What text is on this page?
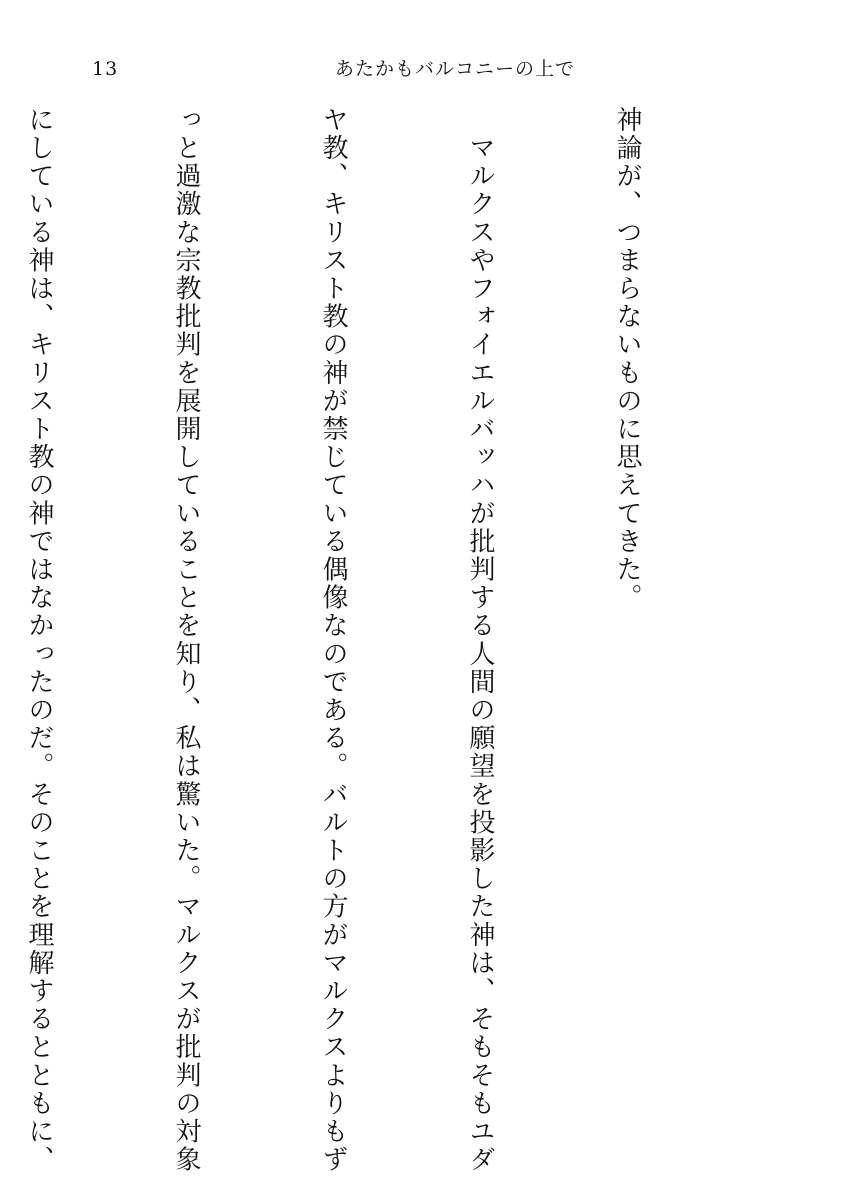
13	あたかもバルコニーの上で

神論が、つまらないものに思えてきた。

　マルクスやフォイエルバッハが批判する人間の願望を投影した神は、そもそもユダ

ヤ教、キリスト教の神が禁じている偶像なのである。バルトの方がマルクスよりもず

っと過激な宗教批判を展開していることを知り、私は驚いた。マルクスが批判の対象

にしている神は、キリスト教の神ではなかったのだ。そのことを理解するとともに、
